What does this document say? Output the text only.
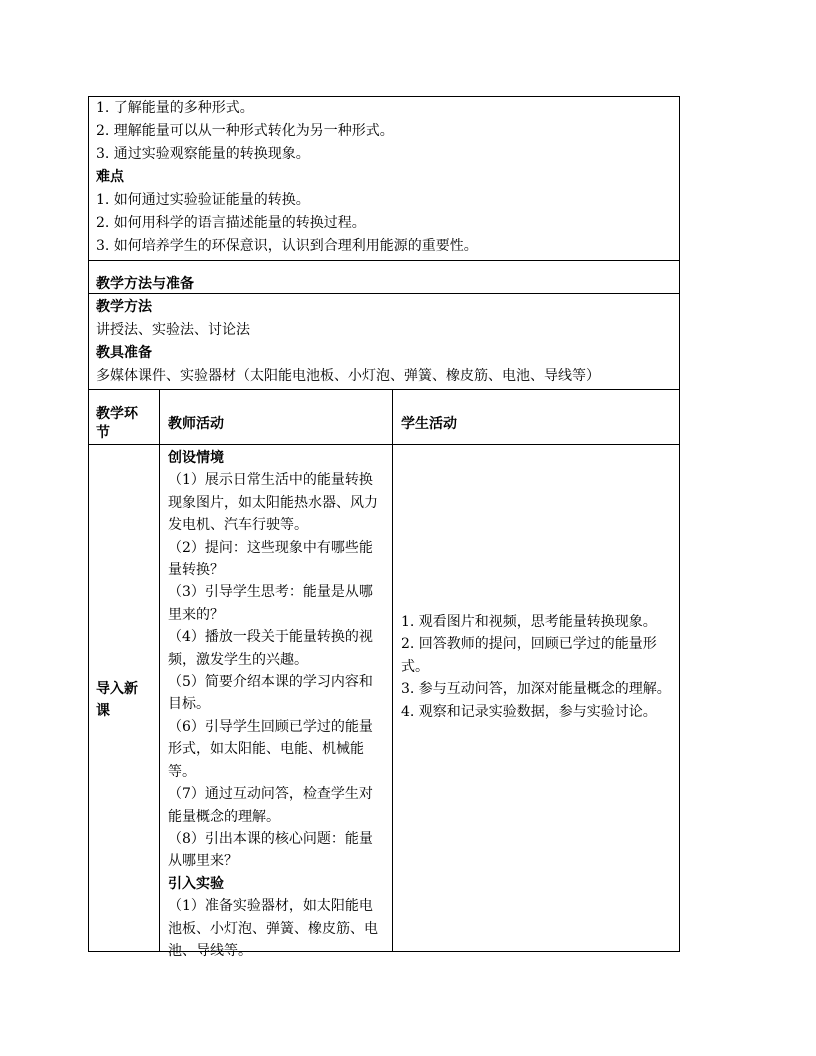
1. 了解能量的多种形式。
2. 理解能量可以从一种形式转化为另一种形式。
3. 通过实验观察能量的转换现象。
难点
1. 如何通过实验验证能量的转换。
2. 如何用科学的语言描述能量的转换过程。
3. 如何培养学生的环保意识，认识到合理利用能源的重要性。
教学方法与准备
教学方法
讲授法、实验法、讨论法
教具准备
多媒体课件、实验器材（太阳能电池板、小灯泡、弹簧、橡皮筋、电池、导线等）
教学环
节
教师活动	学生活动
导入新
课
创设情境
（1）展示日常生活中的能量转换现象图片，如太阳能热水器、风力发电机、汽车行驶等。
（2）提问：这些现象中有哪些能量转换？
（3）引导学生思考：能量是从哪里来的？
（4）播放一段关于能量转换的视频，激发学生的兴趣。
（5）简要介绍本课的学习内容和目标。
（6）引导学生回顾已学过的能量形式，如太阳能、电能、机械能等。
（7）通过互动问答，检查学生对能量概念的理解。
（8）引出本课的核心问题：能量从哪里来？
引入实验
（1）准备实验器材，如太阳能电池板、小灯泡、弹簧、橡皮筋、电池、导线等。
1. 观看图片和视频，思考能量转换现象。
2. 回答教师的提问，回顾已学过的能量形式。
3. 参与互动问答，加深对能量概念的理解。
4. 观察和记录实验数据，参与实验讨论。
